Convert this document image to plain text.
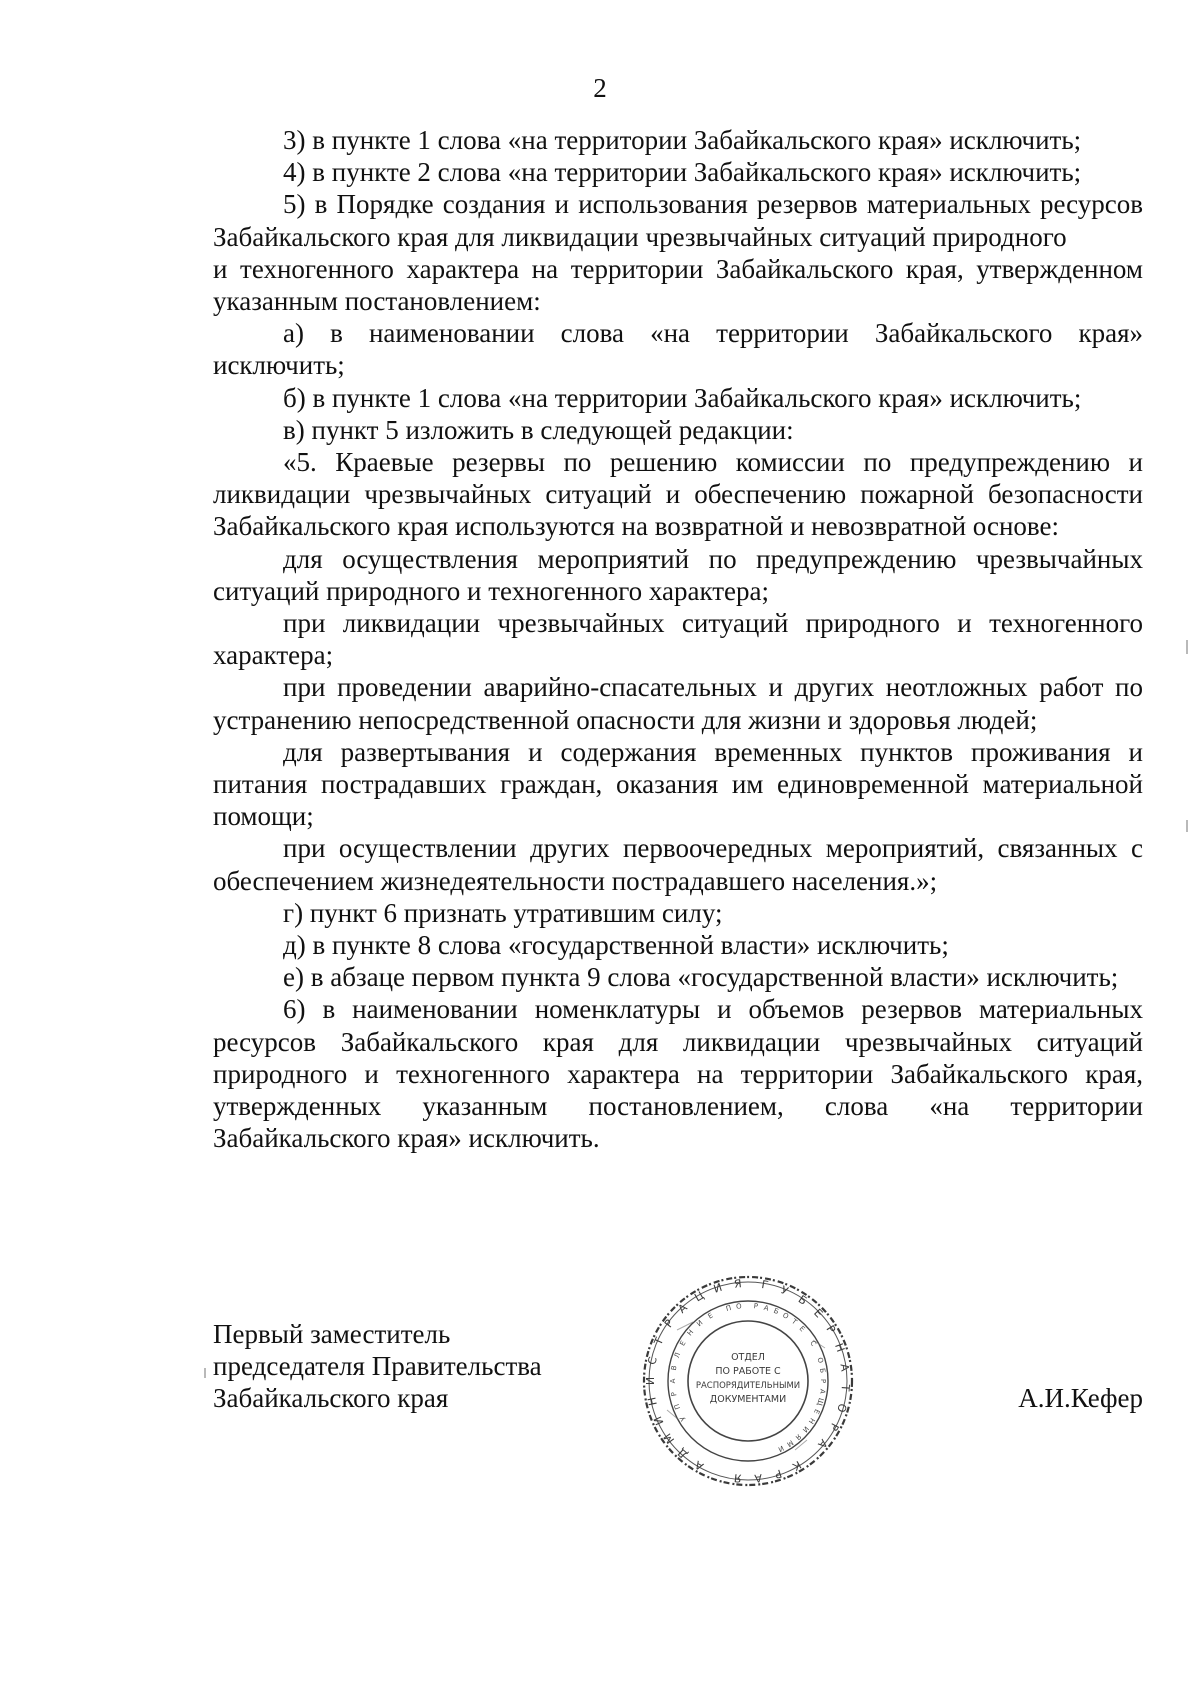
2

3) в пункте 1 слова «на территории Забайкальского края» исключить;

4) в пункте 2 слова «на территории Забайкальского края» исключить;

5) в Порядке создания и использования резервов материальных ресурсов Забайкальского края для ликвидации чрезвычайных ситуаций природного

и техногенного характера на территории Забайкальского края, утвержденном указанным постановлением:

а) в наименовании слова «на территории Забайкальского края» исключить;

б) в пункте 1 слова «на территории Забайкальского края» исключить;

в) пункт 5 изложить в следующей редакции:

«5. Краевые резервы по решению комиссии по предупреждению и ликвидации чрезвычайных ситуаций и обеспечению пожарной безопасности Забайкальского края используются на возвратной и невозвратной основе:

для осуществления мероприятий по предупреждению чрезвычайных ситуаций природного и техногенного характера;

при ликвидации чрезвычайных ситуаций природного и техногенного характера;

при проведении аварийно-спасательных и других неотложных работ по устранению непосредственной опасности для жизни и здоровья людей;

для развертывания и содержания временных пунктов проживания и питания пострадавших граждан, оказания им единовременной материальной помощи;

при осуществлении других первоочередных мероприятий, связанных с обеспечением жизнедеятельности пострадавшего населения.»;

г) пункт 6 признать утратившим силу;

д) в пункте 8 слова «государственной власти» исключить;

е) в абзаце первом пункта 9 слова «государственной власти» исключить;

6) в наименовании номенклатуры и объемов резервов материальных ресурсов Забайкальского края для ликвидации чрезвычайных ситуаций природного и техногенного характера на территории Забайкальского края, утвержденных указанным постановлением, слова «на территории Забайкальского края» исключить.

Первый заместитель
председателя Правительства
Забайкальского края	А.И.Кефер
ОТДЕЛ
ПО РАБОТЕ С
РАСПОРЯДИТЕЛЬНЫМИ
ДОКУМЕНТАМИ
А
Д
М
И
Н
И
С
Т
Р
А
Ц
И Я Г У
Б
Е
Р
Н
А
Т
О
Р
А
К
Р
А
Я
У
П
Р
А
В
Л
Е
Н
И
Е
П О Р А Б О
Т
Е
С
О
Б
Р
А
Щ
Е
Н
И
Я
М
И
